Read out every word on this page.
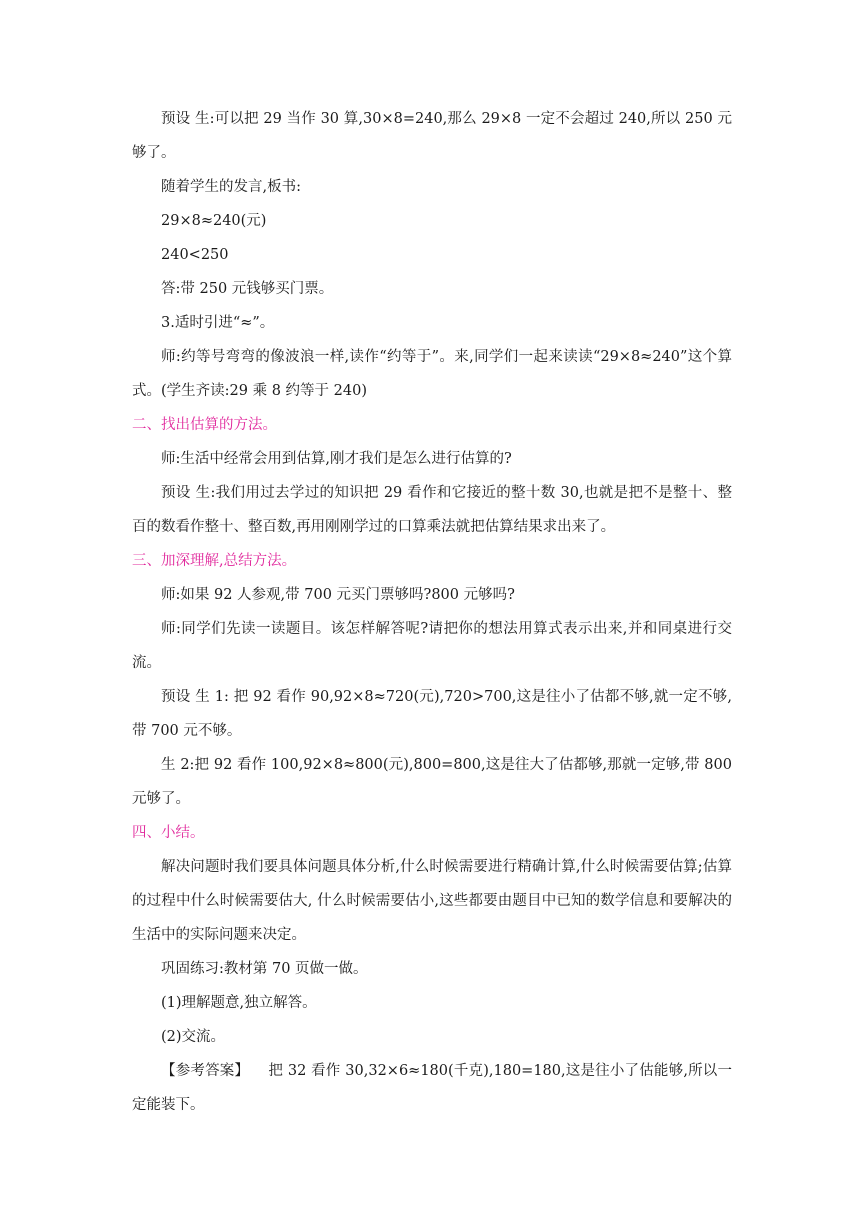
预设 生:可以把 29 当作 30 算,30×8=240,那么 29×8 一定不会超过 240,所以 250 元够了。

随着学生的发言,板书:

29×8≈240(元)

240<250

答:带 250 元钱够买门票。

3.适时引进“≈”。

师:约等号弯弯的像波浪一样,读作“约等于”。来,同学们一起来读读“29×8≈240”这个算式。(学生齐读:29 乘 8 约等于 240)

二、找出估算的方法。

师:生活中经常会用到估算,刚才我们是怎么进行估算的?

预设 生:我们用过去学过的知识把 29 看作和它接近的整十数 30,也就是把不是整十、整百的数看作整十、整百数,再用刚刚学过的口算乘法就把估算结果求出来了。

三、加深理解,总结方法。

师:如果 92 人参观,带 700 元买门票够吗?800 元够吗?

师:同学们先读一读题目。该怎样解答呢?请把你的想法用算式表示出来,并和同桌进行交流。

预设 生 1: 把 92 看作 90,92×8≈720(元),720>700,这是往小了估都不够,就一定不够,带 700 元不够。

生 2:把 92 看作 100,92×8≈800(元),800=800,这是往大了估都够,那就一定够,带 800 元够了。

四、小结。

解决问题时我们要具体问题具体分析,什么时候需要进行精确计算,什么时候需要估算;估算的过程中什么时候需要估大, 什么时候需要估小,这些都要由题目中已知的数学信息和要解决的生活中的实际问题来决定。

巩固练习:教材第 70 页做一做。

(1)理解题意,独立解答。

(2)交流。

【参考答案】 把 32 看作 30,32×6≈180(千克),180=180,这是往小了估能够,所以一定能装下。
